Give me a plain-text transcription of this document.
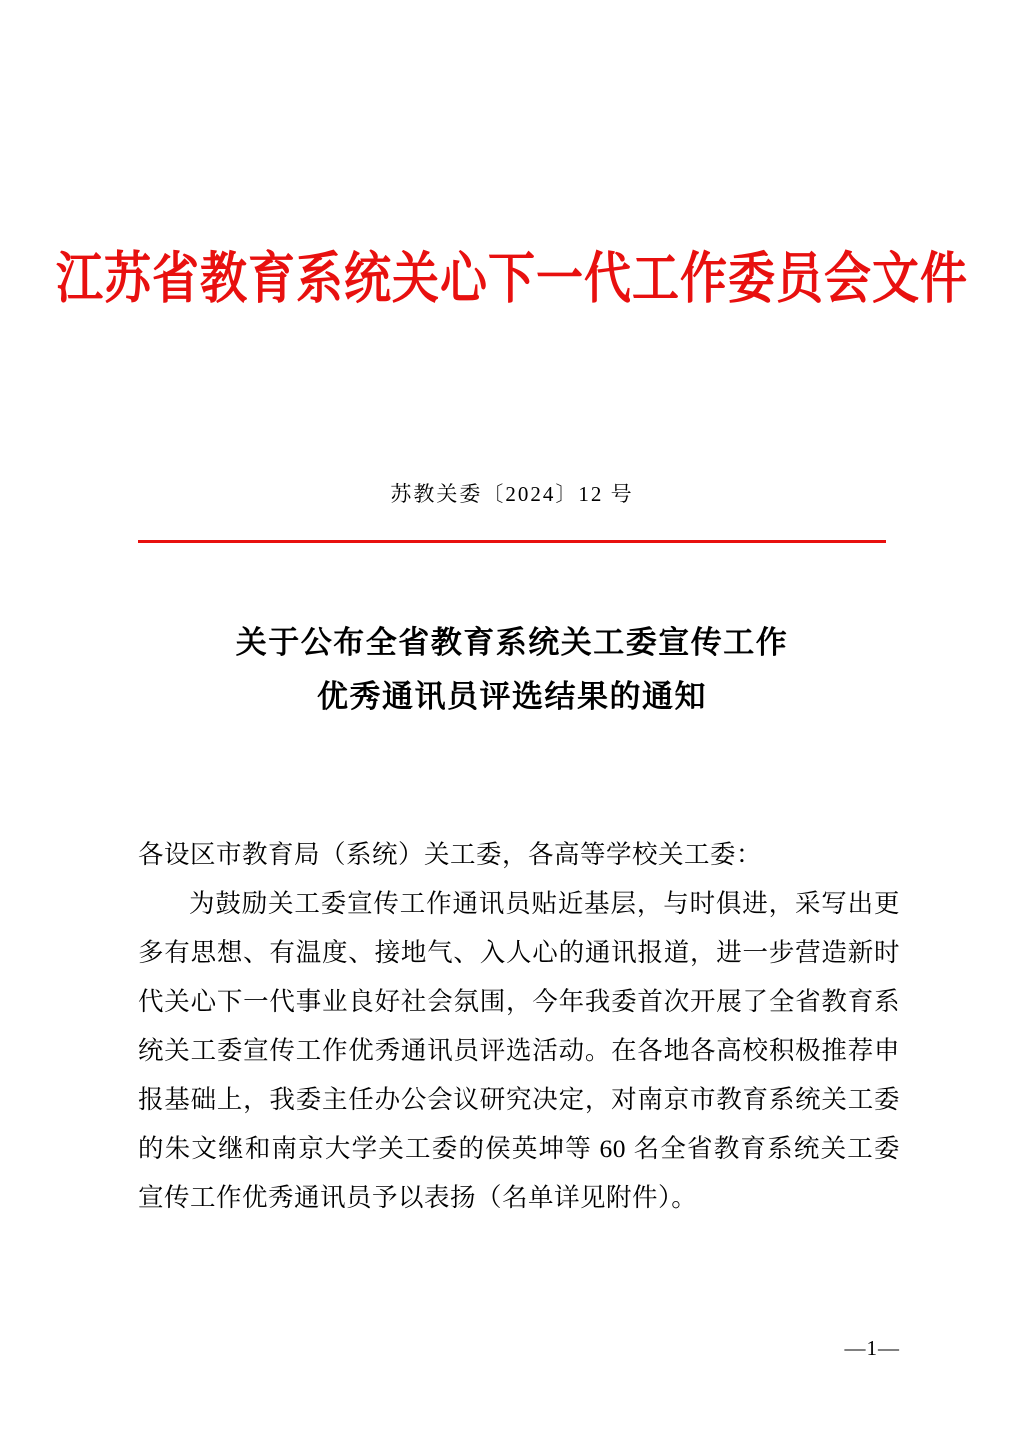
江苏省教育系统关心下一代工作委员会文件
苏教关委〔2024〕12 号
关于公布全省教育系统关工委宣传工作
优秀通讯员评选结果的通知

各设区市教育局（系统）关工委，各高等学校关工委：

为鼓励关工委宣传工作通讯员贴近基层，与时俱进，采写出更多有思想、有温度、接地气、入人心的通讯报道，进一步营造新时代关心下一代事业良好社会氛围，今年我委首次开展了全省教育系统关工委宣传工作优秀通讯员评选活动。在各地各高校积极推荐申报基础上，我委主任办公会议研究决定，对南京市教育系统关工委的朱文继和南京大学关工委的侯英坤等 60 名全省教育系统关工委宣传工作优秀通讯员予以表扬（名单详见附件）。

—1—
